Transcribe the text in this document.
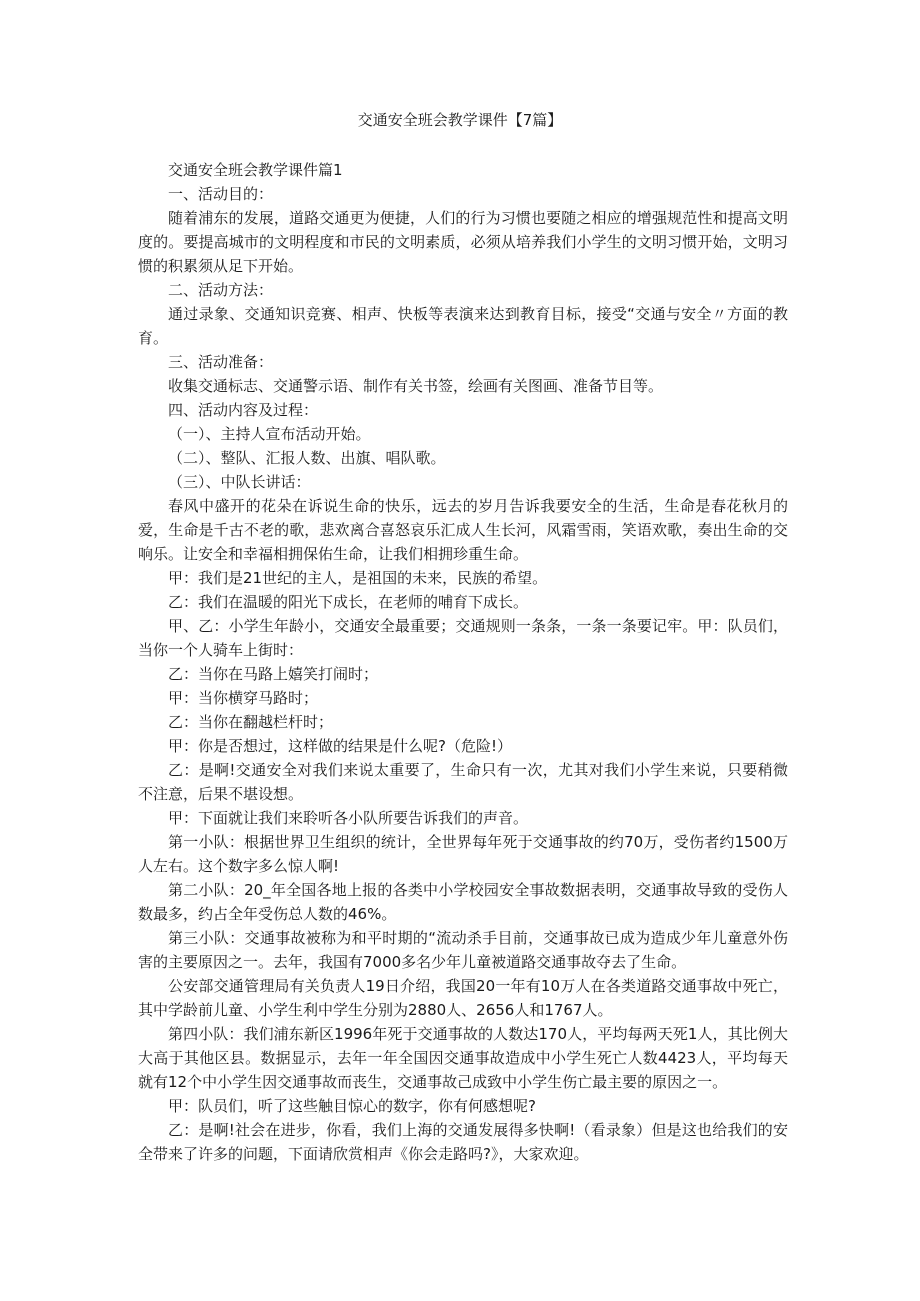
交通安全班会教学课件【7篇】

交通安全班会教学课件篇1

一、活动目的：

随着浦东的发展，道路交通更为便捷，人们的行为习惯也要随之相应的增强规范性和提高文明度的。要提高城市的文明程度和市民的文明素质，必须从培养我们小学生的文明习惯开始，文明习惯的积累须从足下开始。

二、活动方法：

通过录象、交通知识竞赛、相声、快板等表演来达到教育目标，接受“交通与安全〃方面的教育。

三、活动准备：

收集交通标志、交通警示语、制作有关书签，绘画有关图画、准备节目等。

四、活动内容及过程：

（一）、主持人宣布活动开始。

（二）、整队、汇报人数、出旗、唱队歌。

（三）、中队长讲话：

春风中盛开的花朵在诉说生命的快乐，远去的岁月告诉我要安全的生活，生命是春花秋月的爱，生命是千古不老的歌，悲欢离合喜怒哀乐汇成人生长河，风霜雪雨，笑语欢歌，奏出生命的交响乐。让安全和幸福相拥保佑生命，让我们相拥珍重生命。

甲：我们是21世纪的主人，是祖国的未来，民族的希望。

乙：我们在温暖的阳光下成长，在老师的哺育下成长。

甲、乙：小学生年龄小，交通安全最重要；交通规则一条条，一条一条要记牢。甲：队员们，当你一个人骑车上街时：

乙：当你在马路上嬉笑打闹时；

甲：当你横穿马路时；

乙：当你在翻越栏杆时；

甲：你是否想过，这样做的结果是什么呢?（危险!）

乙：是啊!交通安全对我们来说太重要了，生命只有一次，尤其对我们小学生来说，只要稍微不注意，后果不堪设想。

甲：下面就让我们来聆听各小队所要告诉我们的声音。

第一小队：根据世界卫生组织的统计，全世界每年死于交通事故的约70万，受伤者约1500万人左右。这个数字多么惊人啊!

第二小队：20_年全国各地上报的各类中小学校园安全事故数据表明，交通事故导致的受伤人数最多，约占全年受伤总人数的46%。

第三小队：交通事故被称为和平时期的“流动杀手目前，交通事故已成为造成少年儿童意外伤害的主要原因之一。去年，我国有7000多名少年儿童被道路交通事故夺去了生命。

公安部交通管理局有关负责人19日介绍，我国20一年有10万人在各类道路交通事故中死亡，其中学龄前儿童、小学生利中学生分别为2880人、2656人和1767人。

第四小队：我们浦东新区1996年死于交通事故的人数达170人，平均每两天死1人，其比例大大高于其他区县。数据显示，去年一年全国因交通事故造成中小学生死亡人数4423人，平均每天就有12个中小学生因交通事故而丧生，交通事故己成致中小学生伤亡最主要的原因之一。

甲：队员们，听了这些触目惊心的数字，你有何感想呢?

乙：是啊!社会在进步，你看，我们上海的交通发展得多快啊!（看录象）但是这也给我们的安全带来了许多的问题，下面请欣赏相声《你会走路吗?》，大家欢迎。
